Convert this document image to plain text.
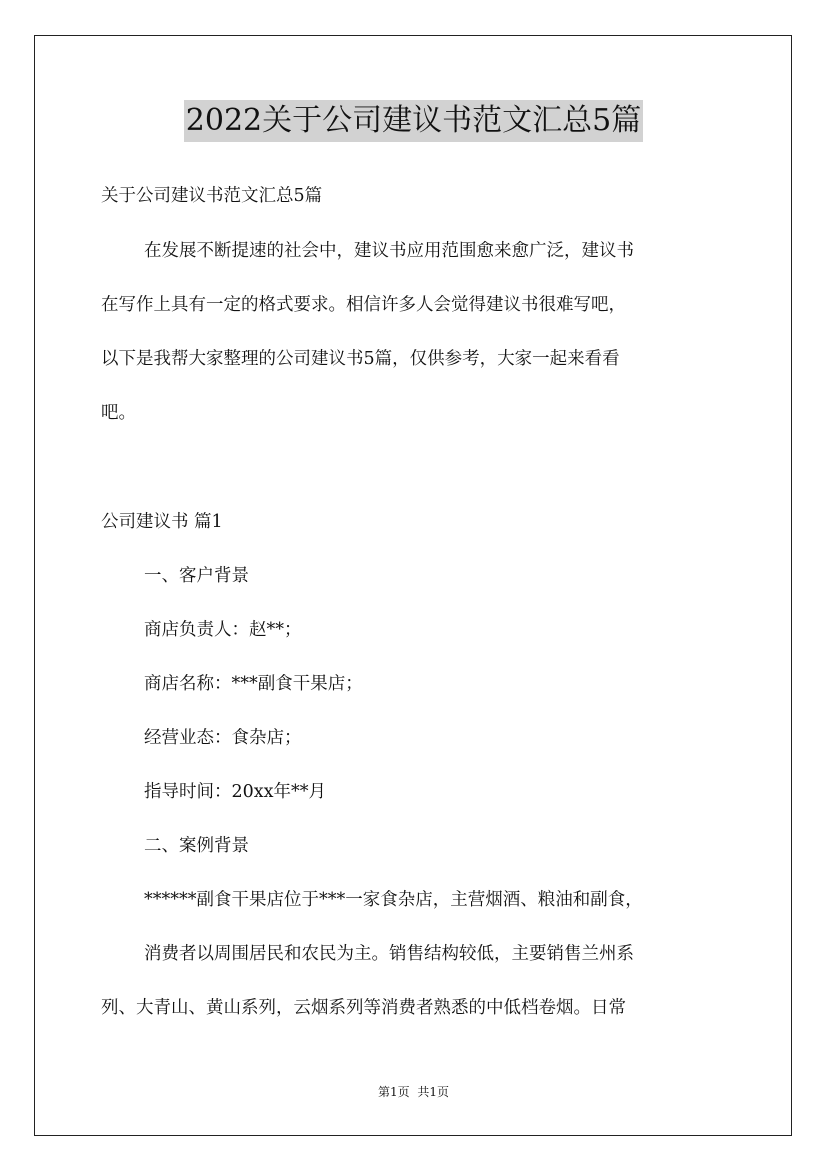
2022关于公司建议书范文汇总5篇
关于公司建议书范文汇总5篇
在发展不断提速的社会中，建议书应用范围愈来愈广泛，建议书
在写作上具有一定的格式要求。相信许多人会觉得建议书很难写吧，
以下是我帮大家整理的公司建议书5篇，仅供参考，大家一起来看看
吧。
公司建议书 篇1
一、客户背景
商店负责人：赵**；
商店名称：***副食干果店；
经营业态：食杂店；
指导时间：20xx年**月
二、案例背景
******副食干果店位于***一家食杂店，主营烟酒、粮油和副食，
消费者以周围居民和农民为主。销售结构较低，主要销售兰州系
列、大青山、黄山系列，云烟系列等消费者熟悉的中低档卷烟。日常
第1页 共1页
